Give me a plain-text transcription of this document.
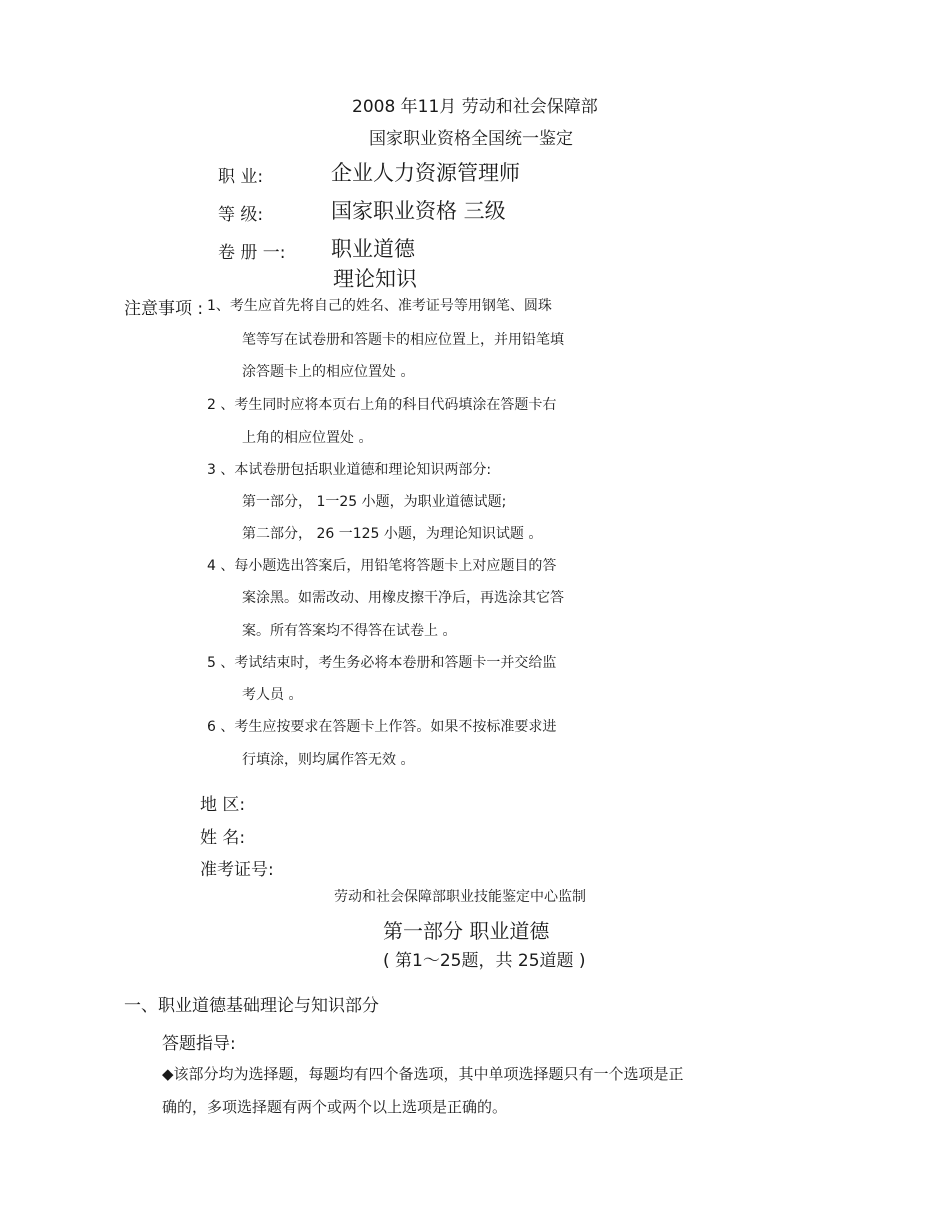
2008 年11月 劳动和社会保障部
国家职业资格全国统一鉴定
职 业:	企业人力资源管理师
等 级:	国家职业资格 三级
卷 册 一: 职业道德
理论知识
注意事项 : 1、考生应首先将自己的姓名、准考证号等用钢笔、圆珠
笔等写在试卷册和答题卡的相应位置上，并用铅笔填
涂答题卡上的相应位置处 。
2 、考生同时应将本页右上角的科目代码填涂在答题卡右
上角的相应位置处 。
3 、本试卷册包括职业道德和理论知识两部分:
第一部分， 1一25 小题，为职业道德试题;
第二部分， 26 一125 小题，为理论知识试题 。
4 、每小题选出答案后，用铅笔将答题卡上对应题目的答
案涂黑。如需改动、用橡皮擦干净后，再选涂其它答
案。所有答案均不得答在试卷上 。
5 、考试结束时，考生务必将本卷册和答题卡一并交给监
考人员 。
6 、考生应按要求在答题卡上作答。如果不按标准要求进
行填涂，则均属作答无效 。
地 区:
姓 名:
准考证号:
劳动和社会保障部职业技能鉴定中心监制
第一部分 职业道德
( 第1～25题，共 25道题 )
一、职业道德基础理论与知识部分
答题指导:
◆该部分均为选择题，每题均有四个备选项，其中单项选择题只有一个选项是正
确的，多项选择题有两个或两个以上选项是正确的。
